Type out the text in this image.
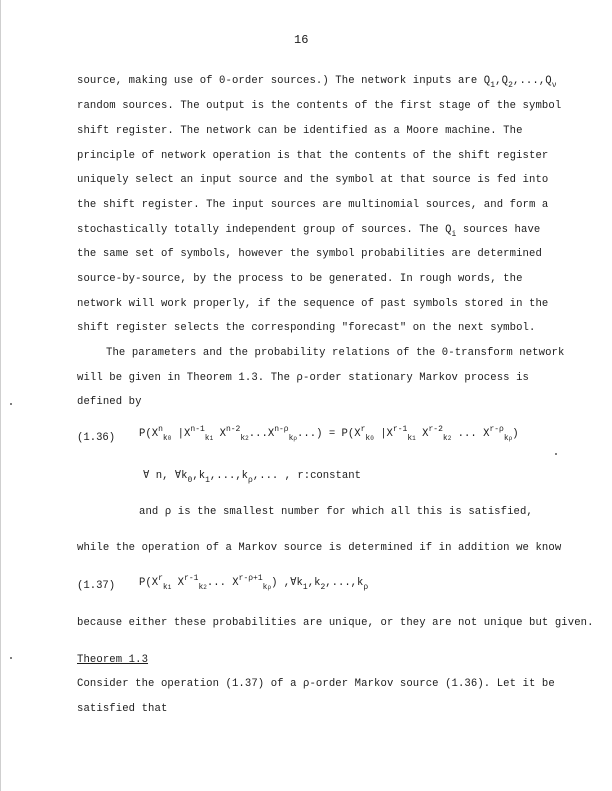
16
source, making use of 0-order sources.) The network inputs are $Q_1,Q_2,...,Q_\nu$
random sources. The output is the contents of the first stage of the symbol
shift register. The network can be identified as a Moore machine. The
principle of network operation is that the contents of the shift register
uniquely select an input source and the symbol at that source is fed into
the shift register. The input sources are multinomial sources, and form a
stochastically totally independent group of sources. The $Q_i$ sources have
the same set of symbols, however the symbol probabilities are determined
source-by-source, by the process to be generated. In rough words, the
network will work properly, if the sequence of past symbols stored in the
shift register selects the corresponding "forecast" on the next symbol.
The parameters and the probability relations of the 0-transform network
will be given in Theorem 1.3. The ρ-order stationary Markov process is
defined by
(1.36) $P(X^n_{k0}$ $|X^{n-1}_{k1}$ $X^{n-2}_{k2}...X^{n-\rho}_{k\rho}...) = P(X^r_{k0}$ $|X^{r-1}_{k1}$ $X^{r-2}_{k2}$ ... $X^{r-\rho}_{k\rho}$)
∀ n, $\forall k_0,k_1,...,k_\rho$,... , r:constant
and ρ is the smallest number for which all this is satisfied,
while the operation of a Markov source is determined if in addition we know
(1.37) $P(X^r_{k1}$ $X^{r-1}_{k2}$... $X^{r-\rho+1}_{k\rho}$) $,\forall k_1,k_2,...,k_\rho$
because either these probabilities are unique, or they are not unique but given.
Theorem 1.3
Consider the operation (1.37) of a ρ-order Markov source (1.36). Let it be
satisfied that
